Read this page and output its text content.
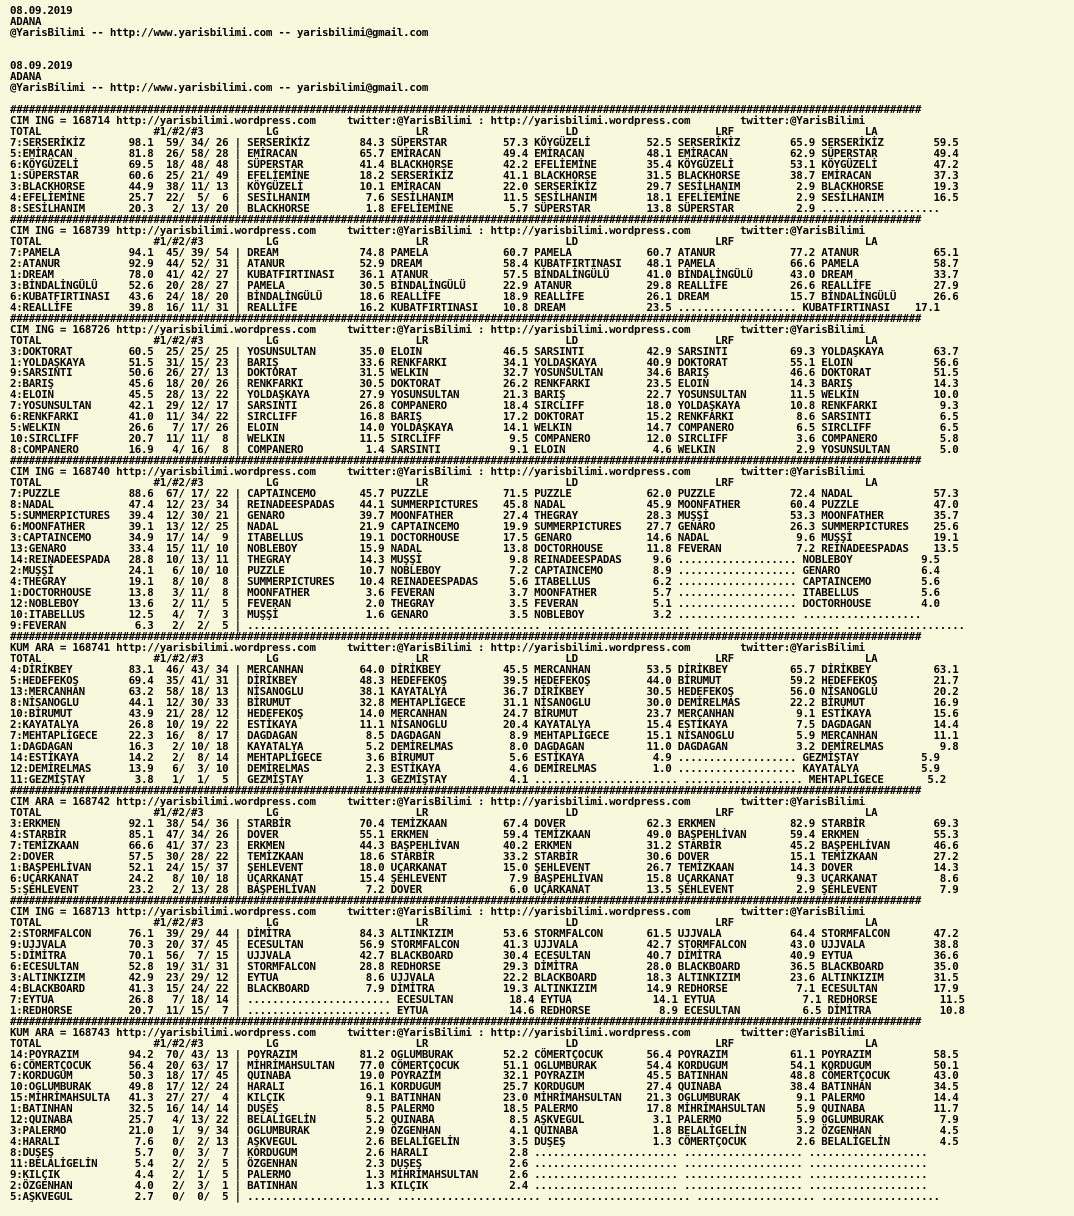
08.09.2019
ADANA
@YarisBilimi -- http://www.yarisbilimi.com -- yarisbilimi@gmail.com

08.09.2019
ADANA
@YarisBilimi -- http://www.yarisbilimi.com -- yarisbilimi@gmail.com

##################################################################################################################################################
CIM ING = 168714 http://yarisbilimi.wordpress.com     twitter:@YarisBilimi : http://yarisbilimi.wordpress.com        twitter:@YarisBilimi
TOTAL                  #1/#2/#3          LG                      LR                      LD                      LRF                     LA
7:SERSERİKİZ       98.1  59/ 34/ 26 | SERSERİKİZ        84.3 SÜPERSTAR         57.3 KÖYGÜZELİ         52.5 SERSERİKİZ        65.9 SERSERİKİZ        59.5
5:EMİRACAN         81.8  26/ 58/ 28 | EMİRACAN          65.7 EMİRACAN          49.4 EMİRACAN          48.1 EMİRACAN          62.9 SÜPERSTAR         49.4
6:KÖYGÜZELİ        69.5  18/ 48/ 48 | SÜPERSTAR         41.4 BLACKHORSE        42.2 EFELİEMİNE        35.4 KÖYGÜZELİ         53.1 KÖYGÜZELİ         47.2
1:SÜPERSTAR        60.6  25/ 21/ 49 | EFELİEMİNE        18.2 SERSERİKİZ        41.1 BLACKHORSE        31.5 BLACKHORSE        38.7 EMİRACAN          37.3
3:BLACKHORSE       44.9  38/ 11/ 13 | KÖYGÜZELİ         10.1 EMİRACAN          22.0 SERSERİKİZ        29.7 SESİLHANIM         2.9 BLACKHORSE        19.3
4:EFELİEMİNE       25.7  22/  5/  6 | SESİLHANIM         7.6 SESİLHANIM        11.5 SESİLHANIM        18.1 EFELİEMİNE         2.9 SESİLHANIM        16.5
8:SESİLHANIM       20.3   2/ 13/ 20 | BLACKHORSE         1.8 EFELİEMİNE         5.7 SÜPERSTAR         13.8 SÜPERSTAR          2.9 ...................
##################################################################################################################################################
CIM ING = 168739 http://yarisbilimi.wordpress.com     twitter:@YarisBilimi : http://yarisbilimi.wordpress.com        twitter:@YarisBilimi
TOTAL                  #1/#2/#3          LG                      LR                      LD                      LRF                     LA
7:PAMELA           94.1  45/ 39/ 54 | DREAM             74.8 PAMELA            60.7 PAMELA            60.7 ATANUR            77.2 ATANUR            65.1
2:ATANUR           92.9  44/ 52/ 31 | ATANUR            52.9 DREAM             58.4 KUBATFIRTINASI    48.1 PAMELA            66.6 PAMELA            58.7
1:DREAM            78.0  41/ 42/ 27 | KUBATFIRTINASI    36.1 ATANUR            57.5 BİNDALİNGÜLÜ      41.0 BİNDALİNGÜLÜ      43.0 DREAM             33.7
3:BİNDALİNGÜLÜ     52.6  20/ 28/ 27 | PAMELA            30.5 BİNDALİNGÜLÜ      22.9 ATANUR            29.8 REALLİFE          26.6 REALLİFE          27.9
6:KUBATFIRTINASI   43.6  24/ 18/ 20 | BİNDALİNGÜLÜ      18.6 REALLİFE          18.9 REALLİFE          26.1 DREAM             15.7 BİNDALİNGÜLÜ      26.6
4:REALLİFE         39.8  16/ 11/ 31 | REALLİFE          16.2 KUBATFIRTINASI    10.8 DREAM             23.5 ................... KUBATFIRTINASI    17.1
##################################################################################################################################################
CIM ING = 168726 http://yarisbilimi.wordpress.com     twitter:@YarisBilimi : http://yarisbilimi.wordpress.com        twitter:@YarisBilimi
TOTAL                  #1/#2/#3          LG                      LR                      LD                      LRF                     LA
3:DOKTORAT         60.5  25/ 25/ 25 | YOSUNSULTAN       35.0 ELOIN             46.5 SARSINTI          42.9 SARSINTI          69.3 YOLDAŞKAYA        63.7
1:YOLDAŞKAYA       51.5  31/ 15/ 23 | BARIŞ             33.6 RENKFARKI         34.1 YOLDAŞKAYA        40.9 DOKTORAT          55.1 ELOIN             56.6
9:SARSINTI         50.6  26/ 27/ 13 | DOKTORAT          31.5 WELKIN            32.7 YOSUNSULTAN       34.6 BARIŞ             46.6 DOKTORAT          51.5
2:BARIŞ            45.6  18/ 20/ 26 | RENKFARKI         30.5 DOKTORAT          26.2 RENKFARKI         23.5 ELOIN             14.3 BARIŞ             14.3
4:ELOIN            45.5  28/ 13/ 22 | YOLDAŞKAYA        27.9 YOSUNSULTAN       21.3 BARIŞ             22.7 YOSUNSULTAN       11.5 WELKIN            10.0
7:YOSUNSULTAN      42.1  29/ 12/ 17 | SARSINTI          26.8 COMPANERO         18.4 SIRCLIFF          18.0 YOLDAŞKAYA        10.8 RENKFARKI          9.3
6:RENKFARKI        41.0  11/ 34/ 22 | SIRCLIFF          16.8 BARIŞ             17.2 DOKTORAT          15.2 RENKFARKI          8.6 SARSINTI           6.5
5:WELKIN           26.6   7/ 17/ 26 | ELOIN             14.0 YOLDAŞKAYA        14.1 WELKIN            14.7 COMPANERO          6.5 SIRCLIFF           6.5
10:SIRCLIFF        20.7  11/ 11/  8 | WELKIN            11.5 SIRCLIFF           9.5 COMPANERO         12.0 SIRCLIFF           3.6 COMPANERO          5.8
8:COMPANERO        16.9   4/ 16/  8 | COMPANERO          1.4 SARSINTI           9.1 ELOIN              4.6 WELKIN             2.9 YOSUNSULTAN        5.0
##################################################################################################################################################
CIM ING = 168740 http://yarisbilimi.wordpress.com     twitter:@YarisBilimi : http://yarisbilimi.wordpress.com        twitter:@YarisBilimi
TOTAL                  #1/#2/#3          LG                      LR                      LD                      LRF                     LA
7:PUZZLE           88.6  67/ 17/ 22 | CAPTAINCEMO       45.7 PUZZLE            71.5 PUZZLE            62.0 PUZZLE            72.4 NADAL             57.3
8:NADAL            47.4  12/ 23/ 34 | REINADEESPADAS    44.1 SUMMERPICTURES    45.8 NADAL             45.9 MOONFATHER        60.4 PUZZLE            47.0
5:SUMMERPICTURES   39.4  12/ 30/ 21 | GENARO            39.7 MOONFATHER        27.4 THEGRAY           28.3 MUŞŞİ             53.3 MOONFATHER        35.7
6:MOONFATHER       39.1  13/ 12/ 25 | NADAL             21.9 CAPTAINCEMO       19.9 SUMMERPICTURES    27.7 GENARO            26.3 SUMMERPICTURES    25.6
3:CAPTAINCEMO      34.9  17/ 14/  9 | ITABELLUS         19.1 DOCTORHOUSE       17.5 GENARO            14.6 NADAL              9.6 MUŞŞİ             19.1
13:GENARO          33.4  15/ 11/ 10 | NOBLEBOY          15.9 NADAL             13.8 DOCTORHOUSE       11.8 FEVERAN            7.2 REINADEESPADAS    13.5
14:REINADEESPADA   28.8  10/ 13/ 11 | THEGRAY           14.3 MUŞŞİ              9.8 REINADEESPADAS     9.6 ................... NOBLEBOY           9.5
2:MUŞŞİ            24.1   6/ 10/ 10 | PUZZLE            10.7 NOBLEBOY           7.2 CAPTAINCEMO        8.9 ................... GENARO             6.4
4:THEGRAY          19.1   8/ 10/  8 | SUMMERPICTURES    10.4 REINADEESPADAS     5.6 ITABELLUS          6.2 ................... CAPTAINCEMO        5.6
1:DOCTORHOUSE      13.8   3/ 11/  8 | MOONFATHER         3.6 FEVERAN            3.7 MOONFATHER         5.7 ................... ITABELLUS          5.6
12:NOBLEBOY        13.6   2/ 11/  5 | FEVERAN            2.0 THEGRAY            3.5 FEVERAN            5.1 ................... DOCTORHOUSE        4.0
10:ITABELLUS       12.5   4/  7/  3 | MUŞŞİ              1.6 GENARO             3.5 NOBLEBOY           3.2 ................... ...................
9:FEVERAN           6.3   2/  2/  5 | ....................... ....................... ....................... ....................... ...................
##################################################################################################################################################
KUM ARA = 168741 http://yarisbilimi.wordpress.com     twitter:@YarisBilimi : http://yarisbilimi.wordpress.com        twitter:@YarisBilimi
TOTAL                  #1/#2/#3          LG                      LR                      LD                      LRF                     LA
4:DİRİKBEY         83.1  46/ 43/ 34 | MERCANHAN         64.0 DİRİKBEY          45.5 MERCANHAN         53.5 DİRİKBEY          65.7 DİRİKBEY          63.1
5:HEDEFEKOŞ        69.4  35/ 41/ 31 | DİRİKBEY          48.3 HEDEFEKOŞ         39.5 HEDEFEKOŞ         44.0 BİRUMUT           59.2 HEDEFEKOŞ         21.7
13:MERCANHAN       63.2  58/ 18/ 13 | NİSANOGLU         38.1 KAYATALYA         36.7 DİRİKBEY          30.5 HEDEFEKOŞ         56.0 NİSANOGLU         20.2
8:NİSANOGLU        44.1  12/ 30/ 33 | BİRUMUT           32.8 MEHTAPLİGECE      31.1 NİSANOGLU         30.0 DEMİRELMAS        22.2 BİRUMUT           16.9
10:BİRUMUT         43.9  21/ 28/ 12 | HEDEFEKOŞ         14.0 MERCANHAN         24.7 BİRUMUT           23.7 MERCANHAN          9.1 ESTİKAYA          15.6
2:KAYATALYA        26.8  10/ 19/ 22 | ESTİKAYA          11.1 NİSANOGLU         20.4 KAYATALYA         15.4 ESTİKAYA           7.5 DAGDAGAN          14.4
7:MEHTAPLİGECE     22.3  16/  8/ 17 | DAGDAGAN           8.5 DAGDAGAN           8.9 MEHTAPLİGECE      15.1 NİSANOGLU          5.9 MERCANHAN         11.1
1:DAGDAGAN         16.3   2/ 10/ 18 | KAYATALYA          5.2 DEMİRELMAS         8.0 DAGDAGAN          11.0 DAGDAGAN           3.2 DEMİRELMAS         9.8
14:ESTİKAYA        14.2   2/  8/ 14 | MEHTAPLİGECE       3.6 BİRUMUT            5.6 ESTİKAYA           4.9 ................... GEZMİŞTAY          5.9
12:DEMİRELMAS      13.9   6/  3/ 10 | DEMİRELMAS         2.3 ESTİKAYA           4.6 DEMİRELMAS         1.0 ................... KAYATALYA          5.9
11:GEZMİŞTAY        3.8   1/  1/  5 | GEZMİŞTAY          1.3 GEZMİŞTAY          4.1 ....................... ................... MEHTAPLİGECE       5.2
##################################################################################################################################################
CIM ARA = 168742 http://yarisbilimi.wordpress.com     twitter:@YarisBilimi : http://yarisbilimi.wordpress.com        twitter:@YarisBilimi
TOTAL                  #1/#2/#3          LG                      LR                      LD                      LRF                     LA
3:ERKMEN           92.1  38/ 54/ 36 | STARBİR           70.4 TEMİZKAAN         67.4 DOVER             62.3 ERKMEN            82.9 STARBİR           69.3
4:STARBİR          85.1  47/ 34/ 26 | DOVER             55.1 ERKMEN            59.4 TEMİZKAAN         49.0 BAŞPEHLİVAN       59.4 ERKMEN            55.3
7:TEMİZKAAN        66.6  41/ 37/ 23 | ERKMEN            44.3 BAŞPEHLİVAN       40.2 ERKMEN            31.2 STARBİR           45.2 BAŞPEHLİVAN       46.6
2:DOVER            57.5  30/ 28/ 22 | TEMİZKAAN         18.6 STARBİR           33.2 STARBİR           30.6 DOVER             15.1 TEMİZKAAN         27.2
1:BAŞPEHLİVAN      52.1  24/ 15/ 37 | ŞEHLEVENT         18.0 UÇARKANAT         15.0 ŞEHLEVENT         26.7 TEMİZKAAN         14.3 DOVER             14.3
6:UÇARKANAT        24.2   8/ 10/ 18 | UÇARKANAT         15.4 ŞEHLEVENT          7.9 BAŞPEHLİVAN       15.8 UÇARKANAT          9.3 UÇARKANAT          8.6
5:ŞEHLEVENT        23.2   2/ 13/ 28 | BAŞPEHLİVAN        7.2 DOVER              6.0 UÇARKANAT         13.5 ŞEHLEVENT          2.9 ŞEHLEVENT          7.9
##################################################################################################################################################
CIM ING = 168713 http://yarisbilimi.wordpress.com     twitter:@YarisBilimi : http://yarisbilimi.wordpress.com        twitter:@YarisBilimi
TOTAL                  #1/#2/#3          LG                      LR                      LD                      LRF                     LA
2:STORMFALCON      76.1  39/ 29/ 44 | DİMİTRA           84.3 ALTINKIZIM        53.6 STORMFALCON       61.5 UJJVALA           64.4 STORMFALCON       47.2
9:UJJVALA          70.3  20/ 37/ 45 | ECESULTAN         56.9 STORMFALCON       41.3 UJJVALA           42.7 STORMFALCON       43.0 UJJVALA           38.8
5:DİMİTRA          70.1  56/  7/ 15 | UJJVALA           42.7 BLACKBOARD        30.4 ECESULTAN         40.7 DİMİTRA           40.9 EYTUA             36.6
6:ECESULTAN        52.8  19/ 31/ 31 | STORMFALCON       28.8 REDHORSE          29.3 DİMİTRA           28.0 BLACKBOARD        36.5 BLACKBOARD        35.0
3:ALTINKIZIM       42.9  23/ 29/ 12 | EYTUA              8.6 UJJVALA           22.2 BLACKBOARD        18.3 ALTINKIZIM        23.6 ALTINKIZIM        31.5
4:BLACKBOARD       41.3  15/ 24/ 22 | BLACKBOARD         7.9 DİMİTRA           19.3 ALTINKIZIM        14.9 REDHORSE           7.1 ECESULTAN         17.9
7:EYTUA            26.8   7/ 18/ 14 | ....................... ECESULTAN         18.4 EYTUA             14.1 EYTUA              7.1 REDHORSE          11.5
1:REDHORSE         20.7  11/ 15/  7 | ....................... EYTUA             14.6 REDHORSE           8.9 ECESULTAN          6.5 DİMİTRA           10.8
##################################################################################################################################################
KUM ARA = 168743 http://yarisbilimi.wordpress.com     twitter:@YarisBilimi : http://yarisbilimi.wordpress.com        twitter:@YarisBilimi
TOTAL                  #1/#2/#3          LG                      LR                      LD                      LRF                     LA
14:POYRAZIM        94.2  70/ 43/ 13 | POYRAZIM          81.2 OGLUMBURAK        52.2 CÖMERTÇOCUK       56.4 POYRAZIM          61.1 POYRAZIM          58.5
6:CÖMERTÇOCUK      56.4  20/ 63/ 17 | MİHRİMAHSULTAN    77.0 CÖMERTÇOCUK       51.1 OGLUMBURAK        54.4 KORDUGUM          54.1 KORDUGUM          50.1
7:KORDUGUM         50.3  18/ 17/ 45 | QUINABA           19.0 POYRAZIM          32.1 POYRAZIM          45.5 BATINHAN          48.8 CÖMERTÇOCUK       43.0
10:OGLUMBURAK      49.8  17/ 12/ 24 | HARALI            16.1 KORDUGUM          25.7 KORDUGUM          27.4 QUINABA           38.4 BATINHAN          34.5
15:MİHRİMAHSULTA   41.3  27/ 27/  4 | KILÇIK             9.1 BATINHAN          23.0 MİHRİMAHSULTAN    21.3 OGLUMBURAK         9.1 PALERMO           14.4
1:BATINHAN         32.5  16/ 14/ 14 | DUŞEŞ              8.5 PALERMO           18.5 PALERMO           17.8 MİHRİMAHSULTAN     5.9 QUINABA           11.7
12:QUINABA         25.7   4/ 13/ 22 | BELALİGELİN        5.2 QUINABA            8.5 AŞKVEGUL           3.1 PALERMO            5.9 OGLUMBURAK         7.9
3:PALERMO          21.0   1/  9/ 34 | OGLUMBURAK         2.9 ÖZGENHAN           4.1 QUINABA            1.8 BELALİGELİN        3.2 ÖZGENHAN           4.5
4:HARALI            7.6   0/  2/ 13 | AŞKVEGUL           2.6 BELALİGELİN        3.5 DUŞEŞ              1.3 CÖMERTÇOCUK        2.6 BELALİGELİN        4.5
8:DUŞEŞ             5.7   0/  3/  7 | KORDUGUM           2.6 HARALI             2.8 ....................... ................... ...................
11:BELALİGELİN      5.4   2/  2/  5 | ÖZGENHAN           2.3 DUŞEŞ              2.6 ....................... ................... ...................
9:KILÇIK            4.4   2/  1/  5 | PALERMO            1.3 MİHRİMAHSULTAN     2.6 ....................... ................... ...................
2:ÖZGENHAN          4.0   2/  3/  1 | BATINHAN           1.3 KILÇIK             2.4 ....................... ................... ...................
5:AŞKVEGUL          2.7   0/  0/  5 | ....................... ....................... ....................... ................... ...................
